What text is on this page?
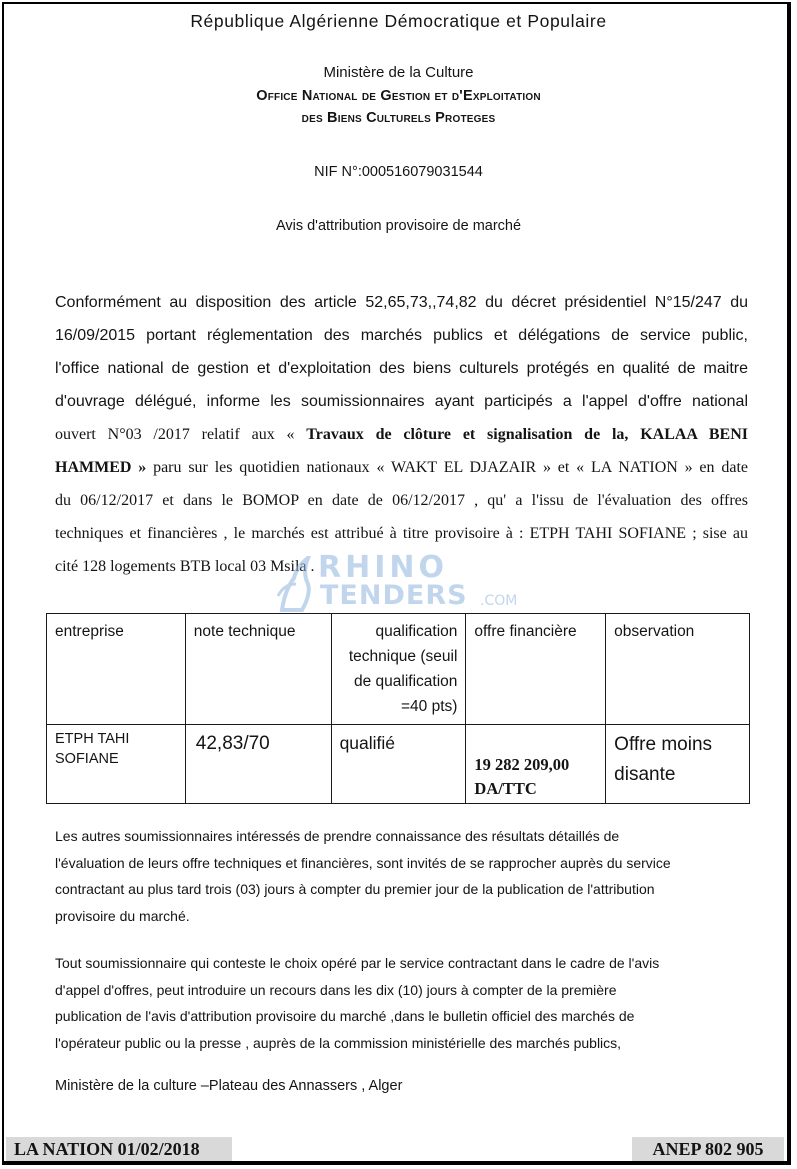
République Algérienne Démocratique et Populaire
Ministère de la Culture
Office National de Gestion et d'Exploitation
des Biens Culturels Proteges
NIF N°:000516079031544
Avis d'attribution provisoire de marché
Conformément au disposition des article 52,65,73,,74,82 du décret présidentiel N°15/247 du
16/09/2015 portant réglementation des marchés publics et délégations de service public,
l'office national de gestion et d'exploitation des biens culturels protégés en qualité de maitre
d'ouvrage délégué, informe les soumissionnaires ayant participés a l'appel d'offre national
ouvert N°03 /2017 relatif aux « Travaux de clôture et signalisation de la, KALAA BENI
HAMMED » paru sur les quotidien nationaux « WAKT EL DJAZAIR » et « LA NATION » en date
du 06/12/2017 et dans le BOMOP en date de 06/12/2017 , qu' a l'issu de l'évaluation des offres
techniques et financières , le marchés est attribué à titre provisoire à : ETPH TAHI SOFIANE ; sise au
cité 128 logements BTB local 03 Msila . RHINO
TENDERS .COM
entreprise	note technique	qualification technique (seuil de qualification =40 pts)	offre financière	observation
ETPH TAHI SOFIANE	42,83/70	qualifié	19 282 209,00 DA/TTC	Offre moins disante
Les autres soumissionnaires intéressés de prendre connaissance des résultats détaillés de
l'évaluation de leurs offre techniques et financières, sont invités de se rapprocher auprès du service
contractant au plus tard trois (03) jours à compter du premier jour de la publication de l'attribution
provisoire du marché.
Tout soumissionnaire qui conteste le choix opéré par le service contractant dans le cadre de l'avis
d'appel d'offres, peut introduire un recours dans les dix (10) jours à compter de la première
publication de l'avis d'attribution provisoire du marché ,dans le bulletin officiel des marchés de
l'opérateur public ou la presse , auprès de la commission ministérielle des marchés publics,
Ministère de la culture –Plateau des Annassers , Alger
LA NATION 01/02/2018	ANEP 802 905
